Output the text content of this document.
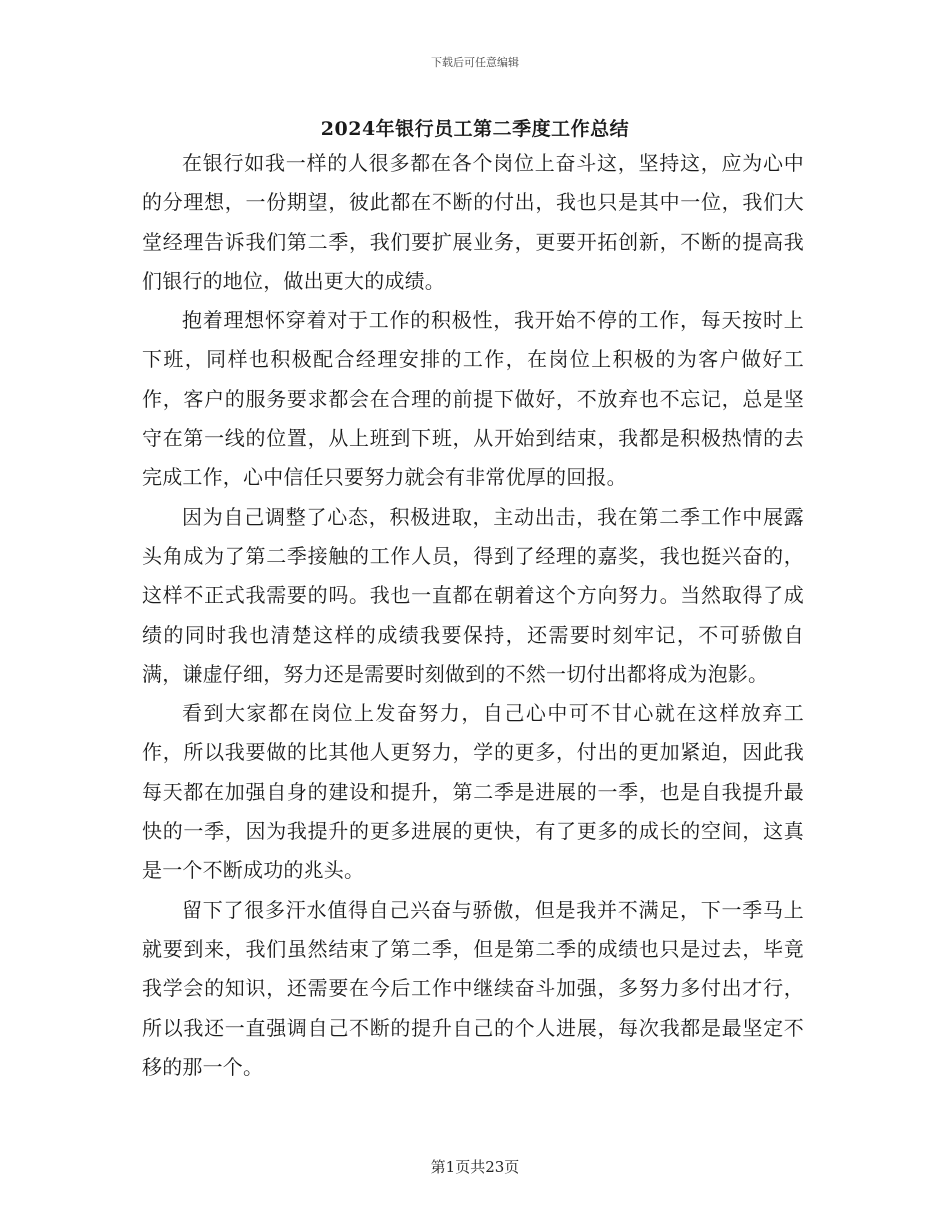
下载后可任意编辑
2024年银行员工第二季度工作总结

在银行如我一样的人很多都在各个岗位上奋斗这，坚持这，应为心中的分理想，一份期望，彼此都在不断的付出，我也只是其中一位，我们大堂经理告诉我们第二季，我们要扩展业务，更要开拓创新，不断的提高我们银行的地位，做出更大的成绩。

抱着理想怀穿着对于工作的积极性，我开始不停的工作，每天按时上下班，同样也积极配合经理安排的工作，在岗位上积极的为客户做好工作，客户的服务要求都会在合理的前提下做好，不放弃也不忘记，总是坚守在第一线的位置，从上班到下班，从开始到结束，我都是积极热情的去完成工作，心中信任只要努力就会有非常优厚的回报。

因为自己调整了心态，积极进取，主动出击，我在第二季工作中展露头角成为了第二季接触的工作人员，得到了经理的嘉奖，我也挺兴奋的，这样不正式我需要的吗。我也一直都在朝着这个方向努力。当然取得了成绩的同时我也清楚这样的成绩我要保持，还需要时刻牢记，不可骄傲自满，谦虚仔细，努力还是需要时刻做到的不然一切付出都将成为泡影。

看到大家都在岗位上发奋努力，自己心中可不甘心就在这样放弃工作，所以我要做的比其他人更努力，学的更多，付出的更加紧迫，因此我每天都在加强自身的建设和提升，第二季是进展的一季，也是自我提升最快的一季，因为我提升的更多进展的更快，有了更多的成长的空间，这真是一个不断成功的兆头。

留下了很多汗水值得自己兴奋与骄傲，但是我并不满足，下一季马上就要到来，我们虽然结束了第二季，但是第二季的成绩也只是过去，毕竟我学会的知识，还需要在今后工作中继续奋斗加强，多努力多付出才行，所以我还一直强调自己不断的提升自己的个人进展，每次我都是最坚定不移的那一个。

第1页共23页
